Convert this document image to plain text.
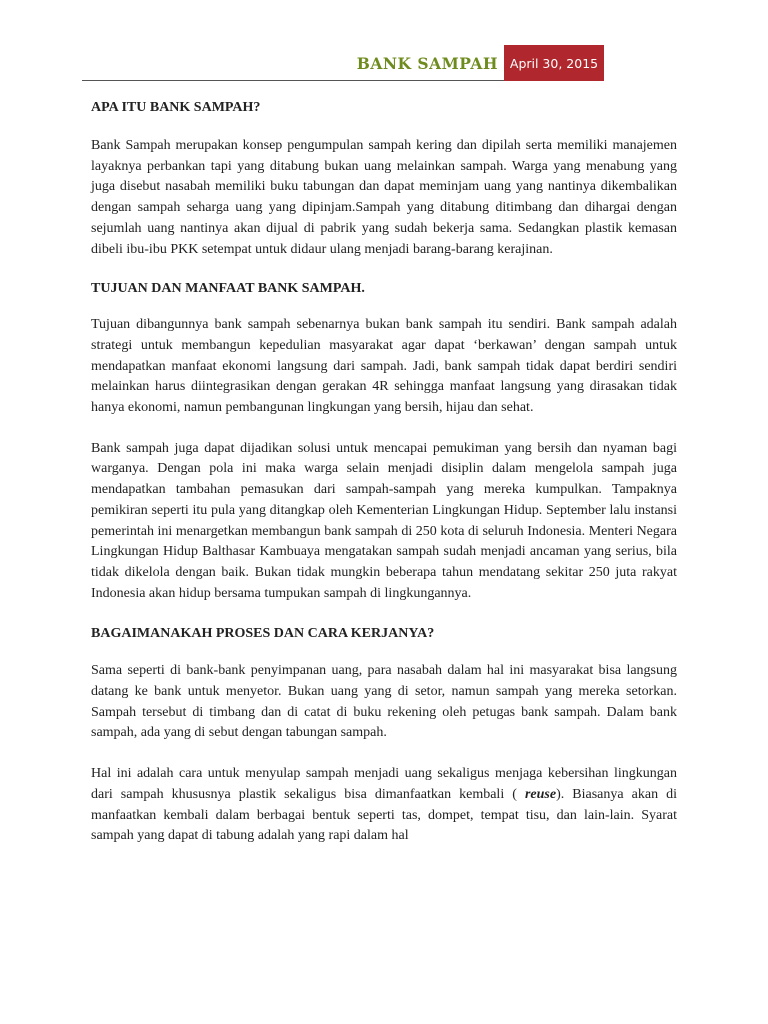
BANK SAMPAH April 30, 2015
APA ITU BANK SAMPAH?

Bank Sampah merupakan konsep pengumpulan sampah kering dan dipilah serta memiliki manajemen layaknya perbankan tapi yang ditabung bukan uang melainkan sampah. Warga yang menabung yang juga disebut nasabah memiliki buku tabungan dan dapat meminjam uang yang nantinya dikembalikan dengan sampah seharga uang yang dipinjam.Sampah yang ditabung ditimbang dan dihargai dengan sejumlah uang nantinya akan dijual di pabrik yang sudah bekerja sama. Sedangkan plastik kemasan dibeli ibu-ibu PKK setempat untuk didaur ulang menjadi barang-barang kerajinan.

TUJUAN DAN MANFAAT BANK SAMPAH.

Tujuan dibangunnya bank sampah sebenarnya bukan bank sampah itu sendiri. Bank sampah adalah strategi untuk membangun kepedulian masyarakat agar dapat ‘berkawan’ dengan sampah untuk mendapatkan manfaat ekonomi langsung dari sampah. Jadi, bank sampah tidak dapat berdiri sendiri melainkan harus diintegrasikan dengan gerakan 4R sehingga manfaat langsung yang dirasakan tidak hanya ekonomi, namun pembangunan lingkungan yang bersih, hijau dan sehat.

Bank sampah juga dapat dijadikan solusi untuk mencapai pemukiman yang bersih dan nyaman bagi warganya. Dengan pola ini maka warga selain menjadi disiplin dalam mengelola sampah juga mendapatkan tambahan pemasukan dari sampah-sampah yang mereka kumpulkan. Tampaknya pemikiran seperti itu pula yang ditangkap oleh Kementerian Lingkungan Hidup. September lalu instansi pemerintah ini menargetkan membangun bank sampah di 250 kota di seluruh Indonesia. Menteri Negara Lingkungan Hidup Balthasar Kambuaya mengatakan sampah sudah menjadi ancaman yang serius, bila tidak dikelola dengan baik. Bukan tidak mungkin beberapa tahun mendatang sekitar 250 juta rakyat Indonesia akan hidup bersama tumpukan sampah di lingkungannya.

BAGAIMANAKAH PROSES DAN CARA KERJANYA?

Sama seperti di bank-bank penyimpanan uang, para nasabah dalam hal ini masyarakat bisa langsung datang ke bank untuk menyetor. Bukan uang yang di setor, namun sampah yang mereka setorkan. Sampah tersebut di timbang dan di catat di buku rekening oleh petugas bank sampah. Dalam bank sampah, ada yang di sebut dengan tabungan sampah.

Hal ini adalah cara untuk menyulap sampah menjadi uang sekaligus menjaga kebersihan lingkungan dari sampah khususnya plastik sekaligus bisa dimanfaatkan kembali ( reuse). Biasanya akan di manfaatkan kembali dalam berbagai bentuk seperti tas, dompet, tempat tisu, dan lain-lain. Syarat sampah yang dapat di tabung adalah yang rapi dalam hal
